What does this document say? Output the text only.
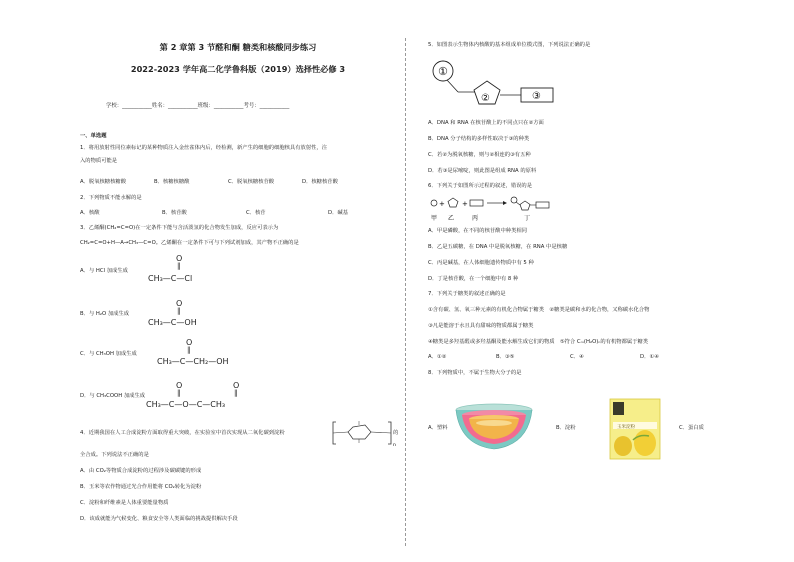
第 2 章第 3 节醛和酮 糖类和核酸同步练习
2022-2023 学年高二化学鲁科版（2019）选择性必修 3
学校：___________姓名：___________班级：___________考号：___________
一、单选题
1．将用放射性同位素标记的某种物质注入金丝雀体内后，经检测，新产生的细胞的细胞核具有放射性，注
入的物质可能是
A．脱氧核糖核糖酸	B．核糖核糖酸	C．脱氧核糖核苷酸	D．核糖核苷酸
2．下列物质不能水解的是
A．核酸	B．核苷酸	C．核苷	D．碱基
3．乙烯酮(CH₂=C=O)在一定条件下能与含活泼氢的化合物发生加成，反应可表示为
CH₂=C=O+H—A→CH₃—C=O。乙烯酮在一定条件下可与下列试剂加成，其产物不正确的是
A．与 HCl 加成生成
O
‖
CH₃—C—Cl
B．与 H₂O 加成生成
O
‖
CH₃—C—OH
C．与 CH₃OH 加成生成
O
‖
CH₃—C—CH₂—OH
D．与 CH₃COOH 加成生成
O
‖
O
‖
CH₃—C—O—C—CH₃
4．近期我国在人工合成淀粉方面取得重大突破，在实验室中首次实现从二氧化碳到淀粉
n
的
全合成。下列说法不正确的是
A．由 CO₂等物质合成淀粉的过程涉及碳碳键的形成
B．玉米等农作物通过光合作用能将 CO₂转化为淀粉
C．淀粉和纤维素是人体重要能量物质
D．该成就能为气候变化、粮食安全等人类面临的挑战提供解决手段
5．如图表示生物体内核酸的基本组成单位模式图，下列说法正确的是
①
②	③
A．DNA 和 RNA 在核苷酸上的不同点只在②方面
B．DNA 分子结构的多样性取决于③的种类
C．若②为脱氧核糖，则与②相连的③有五种
D．若③是尿嘧啶，则此图是组成 RNA 的原料
6．下列关于如图所示过程的叙述，错误的是
+ +
甲 乙	丙	丁
A．甲是磷酸，在不同的核苷酸中种类相同
B．乙是五碳糖，在 DNA 中是脱氧核糖，在 RNA 中是核糖
C．丙是碱基，在人体细胞遗传物质中有 5 种
D．丁是核苷酸，在一个细胞中有 8 种
7．下列关于糖类的叙述正确的是
①含有碳、氢、氧三种元素的有机化合物属于糖类　②糖类是碳和水的化合物，又称碳水化合物
③凡是能溶于水且具有甜味的物质都属于糖类
④糖类是多羟基醛或多羟基酮及能水解生成它们的物质　⑤符合 Cₘ(H₂O)ₙ的有机物都属于糖类
A．①②	B．③⑤	C．④	D．①④
8．下列物质中，不属于生物大分子的是
A．塑料	B．淀粉	玉米淀粉	C．蛋白质
